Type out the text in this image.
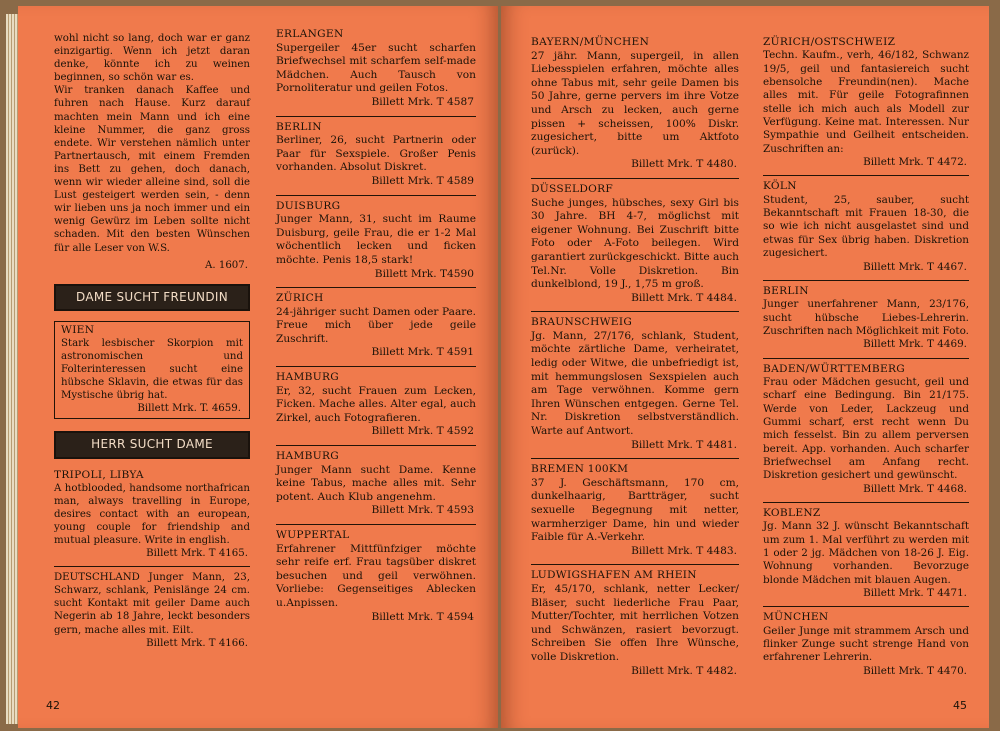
wohl nicht so lang, doch war er ganz einzigartig. Wenn ich jetzt daran denke, könnte ich zu weinen beginnen, so schön war es.
Wir tranken danach Kaffee und fuhren nach Hause. Kurz darauf machten mein Mann und ich eine kleine Nummer, die ganz gross endete. Wir verstehen nämlich unter Partnertausch, mit einem Fremden ins Bett zu gehen, doch danach, wenn wir wieder alleine sind, soll die Lust gesteigert werden sein, - denn wir lieben uns ja noch immer und ein wenig Gewürz im Leben sollte nicht schaden. Mit den besten Wünschen für alle Leser von W.S.

A. 1607.

DAME SUCHT FREUNDIN

WIEN

Stark lesbischer Skorpion mit astronomischen und Folterinteressen sucht eine hübsche Sklavin, die etwas für das Mystische übrig hat.

Billett Mrk. T. 4659.

HERR SUCHT DAME

TRIPOLI, LIBYA

A hotblooded, handsome northafrican man, always travelling in Europe, desires contact with an european, young couple for friendship and mutual pleasure. Write in english.

Billett Mrk. T 4165.

DEUTSCHLAND Junger Mann, 23, Schwarz, schlank, Penislänge 24 cm. sucht Kontakt mit geiler Dame auch Negerin ab 18 Jahre, leckt besonders gern, mache alles mit. Eilt.

Billett Mrk. T 4166.

ERLANGEN

Supergeiler 45er sucht scharfen Briefwechsel mit scharfem self-made Mädchen. Auch Tausch von Pornoliteratur und geilen Fotos.

Billett Mrk. T 4587

BERLIN

Berliner, 26, sucht Partnerin oder Paar für Sexspiele. Großer Penis vorhanden. Absolut Diskret.

Billett Mrk. T 4589

DUISBURG

Junger Mann, 31, sucht im Raume Duisburg, geile Frau, die er 1-2 Mal wöchentlich lecken und ficken möchte. Penis 18,5 stark!

Billett Mrk. T4590

ZÜRICH

24-jähriger sucht Damen oder Paare. Freue mich über jede geile Zuschrift.

Billett Mrk. T 4591

HAMBURG

Er, 32, sucht Frauen zum Lecken, Ficken. Mache alles. Alter egal, auch Zirkel, auch Fotografieren.

Billett Mrk. T 4592

HAMBURG

Junger Mann sucht Dame. Kenne keine Tabus, mache alles mit. Sehr potent. Auch Klub angenehm.

Billett Mrk. T 4593

WUPPERTAL

Erfahrener Mittfünfziger möchte sehr reife erf. Frau tagsüber diskret besuchen und geil verwöhnen. Vorliebe: Gegenseitiges Ablecken u.Anpissen.

Billett Mrk. T 4594

42

BAYERN/MÜNCHEN

27 jähr. Mann, supergeil, in allen Liebesspielen erfahren, möchte alles ohne Tabus mit, sehr geile Damen bis 50 Jahre, gerne pervers im ihre Votze und Arsch zu lecken, auch gerne pissen + scheissen, 100% Diskr. zugesichert, bitte um Aktfoto (zurück).

Billett Mrk. T 4480.

DÜSSELDORF

Suche junges, hübsches, sexy Girl bis 30 Jahre. BH 4-7, möglichst mit eigener Wohnung. Bei Zuschrift bitte Foto oder A-Foto beilegen. Wird garantiert zurückgeschickt. Bitte auch Tel.Nr. Volle Diskretion. Bin dunkelblond, 19 J., 1,75 m groß.

Billett Mrk. T 4484.

BRAUNSCHWEIG

Jg. Mann, 27/176, schlank, Student, möchte zärtliche Dame, verheiratet, ledig oder Witwe, die unbefriedigt ist, mit hemmungslosen Sexspielen auch am Tage verwöhnen. Komme gern Ihren Wünschen entgegen. Gerne Tel. Nr. Diskretion selbstverständlich. Warte auf Antwort.

Billett Mrk. T 4481.

BREMEN 100KM

37 J. Geschäftsmann, 170 cm, dunkelhaarig, Bartträger, sucht sexuelle Begegnung mit netter, warmherziger Dame, hin und wieder Faible für A.-Verkehr.

Billett Mrk. T 4483.

LUDWIGSHAFEN AM RHEIN

Er, 45/170, schlank, netter Lecker/ Bläser, sucht liederliche Frau Paar, Mutter/Tochter, mit herrlichen Votzen und Schwänzen, rasiert bevorzugt. Schreiben Sie offen Ihre Wünsche, volle Diskretion.

Billett Mrk. T 4482.

ZÜRICH/OSTSCHWEIZ

Techn. Kaufm., verh, 46/182, Schwanz 19/5, geil und fantasiereich sucht ebensolche Freundin(nen). Mache alles mit. Für geile Fotografinnen stelle ich mich auch als Modell zur Verfügung. Keine mat. Interessen. Nur Sympathie und Geilheit entscheiden. Zuschriften an:

Billett Mrk. T 4472.

KÖLN

Student, 25, sauber, sucht Bekanntschaft mit Frauen 18-30, die so wie ich nicht ausgelastet sind und etwas für Sex übrig haben. Diskretion zugesichert.

Billett Mrk. T 4467.

BERLIN

Junger unerfahrener Mann, 23/176, sucht hübsche Liebes-Lehrerin. Zuschriften nach Möglichkeit mit Foto.

Billett Mrk. T 4469.

BADEN/WÜRTTEMBERG

Frau oder Mädchen gesucht, geil und scharf eine Bedingung. Bin 21/175. Werde von Leder, Lackzeug und Gummi scharf, erst recht wenn Du mich fesselst. Bin zu allem perversen bereit. App. vorhanden. Auch scharfer Briefwechsel am Anfang recht. Diskretion gesichert und gewünscht.

Billett Mrk. T 4468.

KOBLENZ

Jg. Mann 32 J. wünscht Bekanntschaft um zum 1. Mal verführt zu werden mit 1 oder 2 jg. Mädchen von 18-26 J. Eig. Wohnung vorhanden. Bevorzuge blonde Mädchen mit blauen Augen.

Billett Mrk. T 4471.

MÜNCHEN

Geiler Junge mit strammem Arsch und flinker Zunge sucht strenge Hand von erfahrener Lehrerin.

Billett Mrk. T 4470.

45
